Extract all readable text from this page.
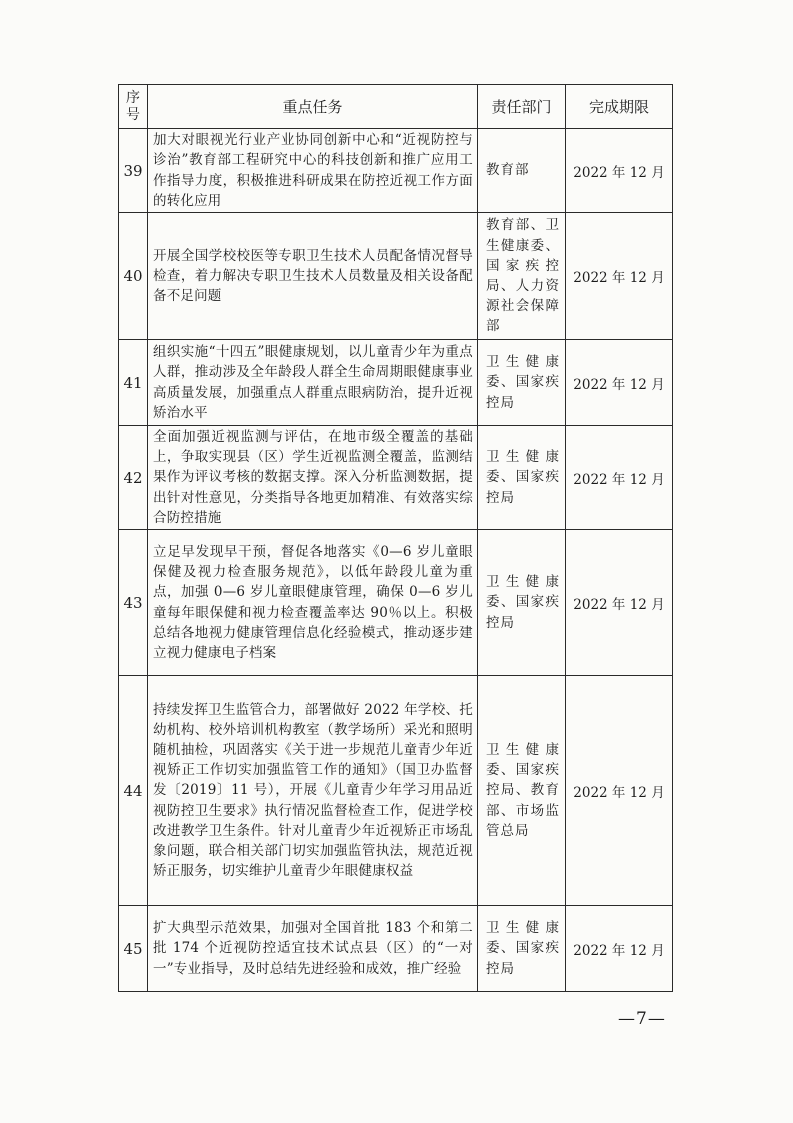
序号	重点任务	责任部门	完成期限
39	加大对眼视光行业产业协同创新中心和“近视防控与诊治”教育部工程研究中心的科技创新和推广应用工作指导力度，积极推进科研成果在防控近视工作方面的转化应用	教育部	2022 年 12 月
40	开展全国学校校医等专职卫生技术人员配备情况督导检查，着力解决专职卫生技术人员数量及相关设备配备不足问题	教育部、卫生健康委、国家疾控局、人力资源社会保障部	2022 年 12 月
41	组织实施“十四五”眼健康规划，以儿童青少年为重点人群，推动涉及全年龄段人群全生命周期眼健康事业高质量发展，加强重点人群重点眼病防治，提升近视矫治水平	卫生健康委、国家疾控局	2022 年 12 月
42	全面加强近视监测与评估，在地市级全覆盖的基础上，争取实现县（区）学生近视监测全覆盖，监测结果作为评议考核的数据支撑。深入分析监测数据，提出针对性意见，分类指导各地更加精准、有效落实综合防控措施	卫生健康委、国家疾控局	2022 年 12 月
43	立足早发现早干预，督促各地落实《0—6 岁儿童眼保健及视力检查服务规范》，以低年龄段儿童为重点，加强 0—6 岁儿童眼健康管理，确保 0—6 岁儿童每年眼保健和视力检查覆盖率达 90％以上。积极总结各地视力健康管理信息化经验模式，推动逐步建立视力健康电子档案	卫生健康委、国家疾控局	2022 年 12 月
44	持续发挥卫生监管合力，部署做好 2022 年学校、托幼机构、校外培训机构教室（教学场所）采光和照明随机抽检，巩固落实《关于进一步规范儿童青少年近视矫正工作切实加强监管工作的通知》（国卫办监督发〔2019〕11 号），开展《儿童青少年学习用品近视防控卫生要求》执行情况监督检查工作，促进学校改进教学卫生条件。针对儿童青少年近视矫正市场乱象问题，联合相关部门切实加强监管执法，规范近视矫正服务，切实维护儿童青少年眼健康权益	卫生健康委、国家疾控局、教育部、市场监管总局	2022 年 12 月
45	扩大典型示范效果，加强对全国首批 183 个和第二批 174 个近视防控适宜技术试点县（区）的“一对一”专业指导，及时总结先进经验和成效，推广经验	卫生健康委、国家疾控局	2022 年 12 月
—7—
